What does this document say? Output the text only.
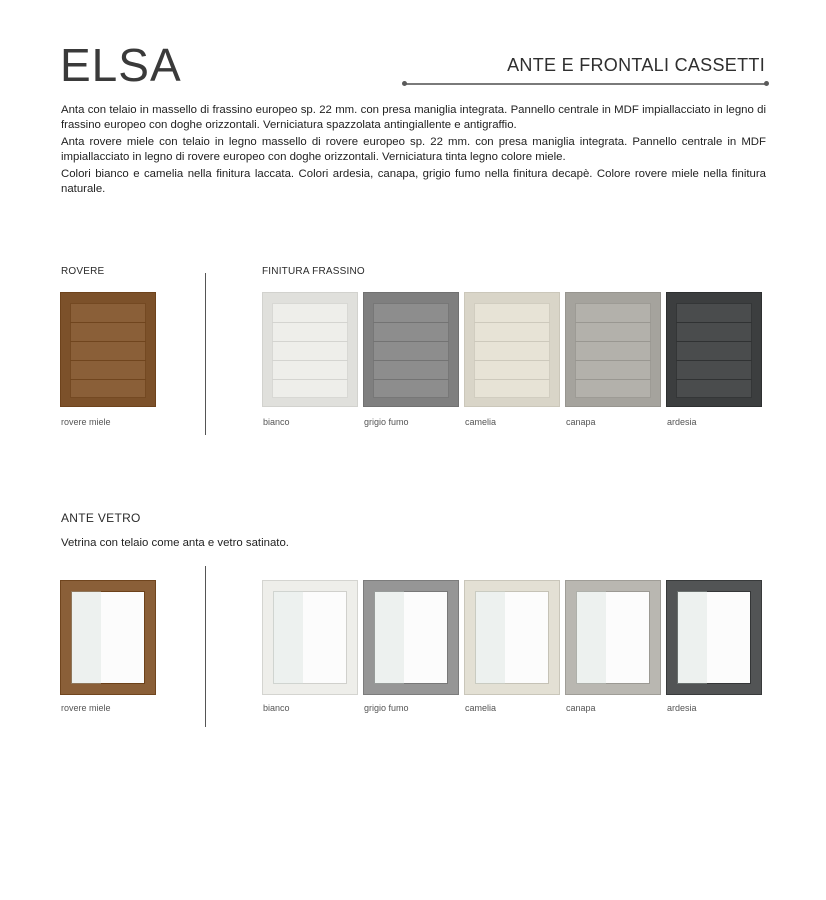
ELSA	ANTE E FRONTALI CASSETTI
Anta con telaio in massello di frassino europeo sp. 22 mm. con presa maniglia integrata. Pannello centrale in MDF impiallacciato in legno di frassino europeo con doghe orizzontali. Verniciatura spazzolata antingiallente e antigraffio.
Anta rovere miele con telaio in legno massello di rovere europeo sp. 22 mm. con presa maniglia integrata. Pannello centrale in MDF impiallacciato in legno di rovere europeo con doghe orizzontali. Verniciatura tinta legno colore miele.
Colori bianco e camelia nella finitura laccata. Colori ardesia, canapa, grigio fumo nella finitura decapè. Colore rovere miele nella finitura naturale.
ROVERE	FINITURA FRASSINO
rovere miele	bianco	grigio fumo	camelia	canapa	ardesia
ANTE VETRO
Vetrina con telaio come anta e vetro satinato.
rovere miele	bianco	grigio fumo	camelia	canapa	ardesia
